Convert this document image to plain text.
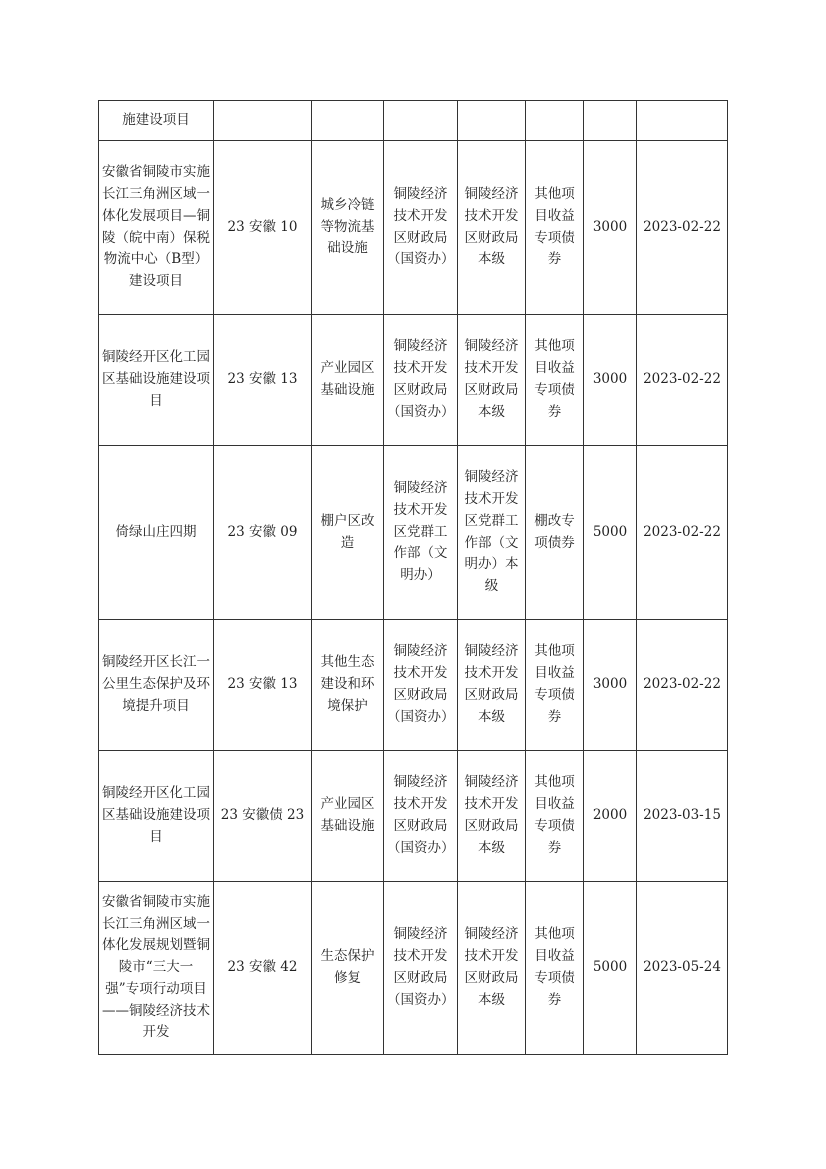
施建设项目							
安徽省铜陵市实施长江三角洲区域一体化发展项目—铜陵（皖中南）保税物流中心（B型）建设项目	23 安徽 10	城乡冷链等物流基础设施	铜陵经济技术开发区财政局（国资办）	铜陵经济技术开发区财政局本级	其他项目收益专项债券	3000	2023-02-22
铜陵经开区化工园区基础设施建设项目	23 安徽 13	产业园区基础设施	铜陵经济技术开发区财政局（国资办）	铜陵经济技术开发区财政局本级	其他项目收益专项债券	3000	2023-02-22
倚绿山庄四期	23 安徽 09	棚户区改造	铜陵经济技术开发区党群工作部（文明办）	铜陵经济技术开发区党群工作部（文明办）本级	棚改专项债券	5000	2023-02-22
铜陵经开区长江一公里生态保护及环境提升项目	23 安徽 13	其他生态建设和环境保护	铜陵经济技术开发区财政局（国资办）	铜陵经济技术开发区财政局本级	其他项目收益专项债券	3000	2023-02-22
铜陵经开区化工园区基础设施建设项目	23 安徽债 23	产业园区基础设施	铜陵经济技术开发区财政局（国资办）	铜陵经济技术开发区财政局本级	其他项目收益专项债券	2000	2023-03-15
安徽省铜陵市实施长江三角洲区域一体化发展规划暨铜陵市“三大一强”专项行动项目——铜陵经济技术开发	23 安徽 42	生态保护修复	铜陵经济技术开发区财政局（国资办）	铜陵经济技术开发区财政局本级	其他项目收益专项债券	5000	2023-05-24
